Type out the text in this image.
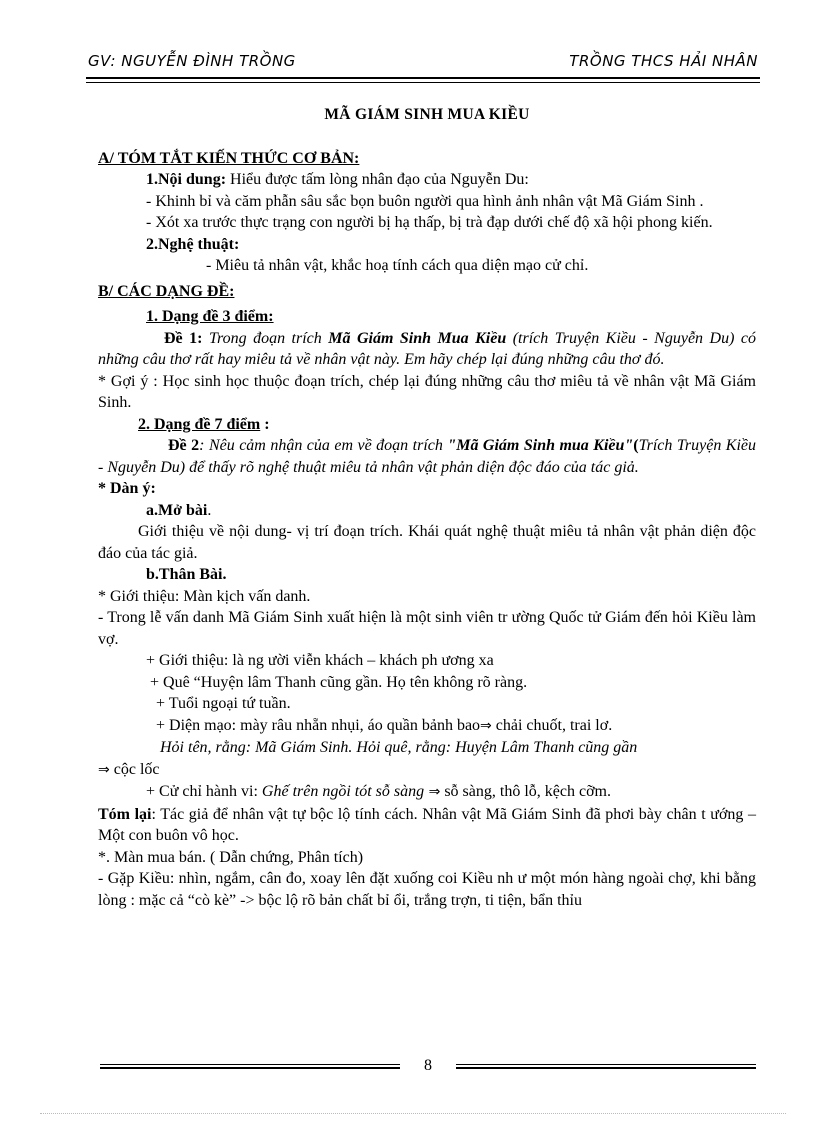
GV: NGUYỄN ĐÌNH TRỒNG	TRỒNG THCS HẢI NHÂN

MÃ GIÁM SINH MUA KIỀU

A/ TÓM TẮT KIẾN THỨC CƠ BẢN:

1.Nội dung: Hiểu được tấm lòng nhân đạo của Nguyễn Du:

- Khinh bỉ và căm phẫn sâu sắc bọn buôn người qua hình ảnh nhân vật Mã Giám Sinh .

- Xót xa trước thực trạng con người bị hạ thấp, bị trà đạp dưới chế độ xã hội phong kiến.

2.Nghệ thuật:

- Miêu tả nhân vật, khắc hoạ tính cách qua diện mạo cử chỉ.

B/ CÁC DẠNG ĐỀ:

1. Dạng đề 3 điểm:

Đề 1: Trong đoạn trích Mã Giám Sinh Mua Kiều (trích Truyện Kiều - Nguyễn Du) có những câu thơ rất hay miêu tả về nhân vật này. Em hãy chép lại đúng những câu thơ đó.

* Gợi ý : Học sinh học thuộc đoạn trích, chép lại đúng những câu thơ miêu tả về nhân vật Mã Giám Sinh.

2. Dạng đề 7 điểm :

Đề 2: Nêu cảm nhận của em về đoạn trích "Mã Giám Sinh mua Kiều"(Trích Truyện Kiều - Nguyễn Du) để thấy rõ nghệ thuật miêu tả nhân vật phản diện độc đáo của tác giả.

* Dàn ý:

a.Mở bài.

Giới thiệu về nội dung- vị trí đoạn trích. Khái quát nghệ thuật miêu tả nhân vật phản diện độc đáo của tác giả.

b.Thân Bài.

* Giới thiệu: Màn kịch vấn danh.

- Trong lễ vấn danh Mã Giám Sinh xuất hiện là một sinh viên tr ường Quốc tử Giám đến hỏi Kiều làm vợ.

+ Giới thiệu: là ng ười viễn khách – khách ph ương xa

+ Quê “Huyện lâm Thanh cũng gần. Họ tên không rõ ràng.

+ Tuổi ngoại tứ tuần.

+ Diện mạo: mày râu nhẵn nhụi, áo quần bảnh bao⇒ chải chuốt, trai lơ.

Hỏi tên, rằng: Mã Giám Sinh. Hỏi quê, rằng: Huyện Lâm Thanh cũng gần

⇒ cộc lốc

+ Cử chỉ hành vi: Ghế trên ngồi tót sỗ sàng ⇒ sỗ sàng, thô lỗ, kệch cỡm.

Tóm lại: Tác giả để nhân vật tự bộc lộ tính cách. Nhân vật Mã Giám Sinh đã phơi bày chân t ướng – Một con buôn vô học.

*. Màn mua bán. ( Dẫn chứng, Phân tích)

- Gặp Kiều: nhìn, ngắm, cân đo, xoay lên đặt xuống coi Kiều nh ư một món hàng ngoài chợ, khi bằng lòng : mặc cả “cò kè” -> bộc lộ rõ bản chất bỉ ổi, trắng trợn, ti tiện, bẩn thỉu

8
